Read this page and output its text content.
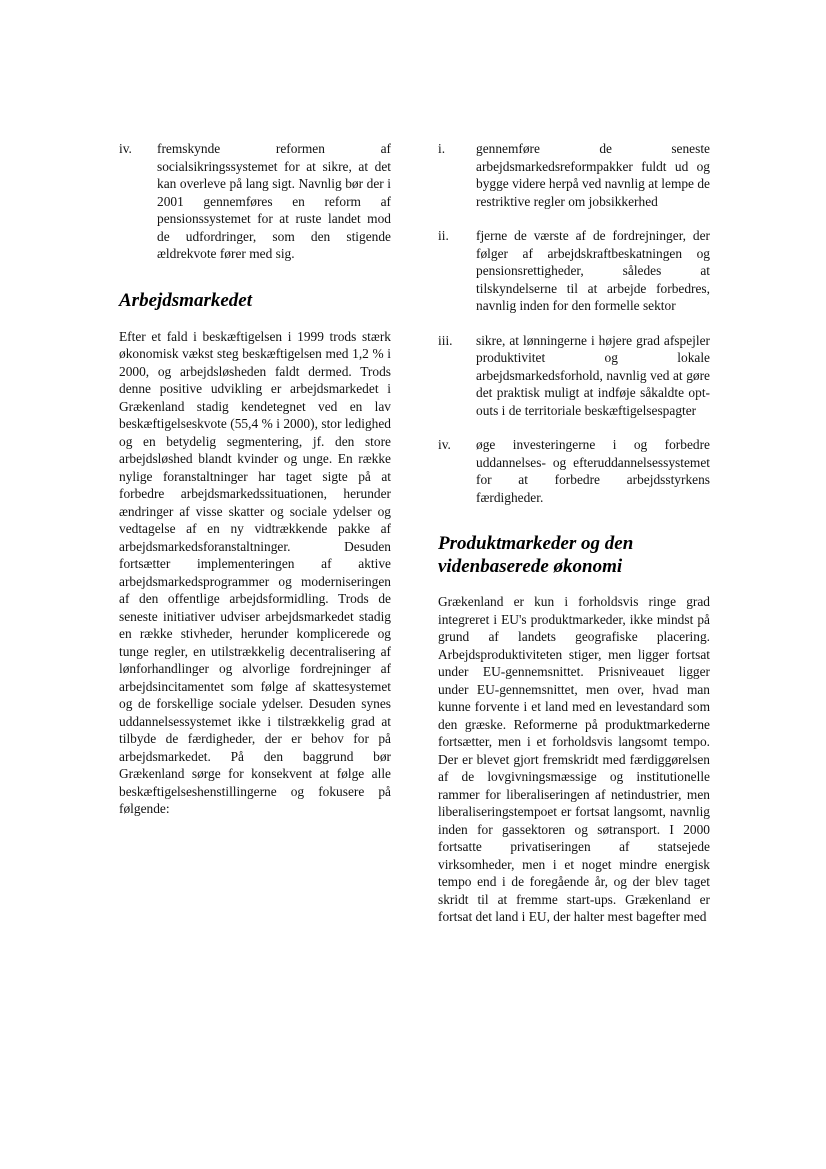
iv.	fremskynde reformen af socialsikringssystemet for at sikre, at det kan overleve på lang sigt. Navnlig bør der i 2001 gennemføres en reform af pensionssystemet for at ruste landet mod de udfordringer, som den stigende ældrekvote fører med sig.
Arbejdsmarkedet

Efter et fald i beskæftigelsen i 1999 trods stærk økonomisk vækst steg beskæftigelsen med 1,2 % i 2000, og arbejdsløsheden faldt dermed. Trods denne positive udvikling er arbejdsmarkedet i Grækenland stadig kendetegnet ved en lav beskæftigelseskvote (55,4 % i 2000), stor ledighed og en betydelig segmentering, jf. den store arbejdsløshed blandt kvinder og unge. En række nylige foranstaltninger har taget sigte på at forbedre arbejdsmarkedssituationen, herunder ændringer af visse skatter og sociale ydelser og vedtagelse af en ny vidtrækkende pakke af arbejdsmarkedsforanstaltninger. Desuden fortsætter implementeringen af aktive arbejdsmarkedsprogrammer og moderniseringen af den offentlige arbejdsformidling. Trods de seneste initiativer udviser arbejdsmarkedet stadig en række stivheder, herunder komplicerede og tunge regler, en utilstrækkelig decentralisering af lønforhandlinger og alvorlige fordrejninger af arbejdsincitamentet som følge af skattesystemet og de forskellige sociale ydelser. Desuden synes uddannelsessystemet ikke i tilstrækkelig grad at tilbyde de færdigheder, der er behov for på arbejdsmarkedet. På den baggrund bør Grækenland sørge for konsekvent at følge alle beskæftigelseshenstillingerne og fokusere på følgende:

i.	gennemføre de seneste arbejdsmarkedsreformpakker fuldt ud og bygge videre herpå ved navnlig at lempe de restriktive regler om jobsikkerhed
ii.	fjerne de værste af de fordrejninger, der følger af arbejdskraftbeskatningen og pensionsrettigheder, således at tilskyndelserne til at arbejde forbedres, navnlig inden for den formelle sektor
iii.	sikre, at lønningerne i højere grad afspejler produktivitet og lokale arbejdsmarkedsforhold, navnlig ved at gøre det praktisk muligt at indføje såkaldte opt-outs i de territoriale beskæftigelsespagter
iv.	øge investeringerne i og forbedre uddannelses- og efteruddannelsessystemet for at forbedre arbejdsstyrkens færdigheder.
Produktmarkeder og den videnbaserede økonomi

Grækenland er kun i forholdsvis ringe grad integreret i EU's produktmarkeder, ikke mindst på grund af landets geografiske placering. Arbejdsproduktiviteten stiger, men ligger fortsat under EU-gennemsnittet. Prisniveauet ligger under EU-gennemsnittet, men over, hvad man kunne forvente i et land med en levestandard som den græske. Reformerne på produktmarkederne fortsætter, men i et forholdsvis langsomt tempo. Der er blevet gjort fremskridt med færdiggørelsen af de lovgivningsmæssige og institutionelle rammer for liberaliseringen af netindustrier, men liberaliseringstempoet er fortsat langsomt, navnlig inden for gassektoren og søtransport. I 2000 fortsatte privatiseringen af statsejede virksomheder, men i et noget mindre energisk tempo end i de foregående år, og der blev taget skridt til at fremme start-ups. Grækenland er fortsat det land i EU, der halter mest bagefter med
